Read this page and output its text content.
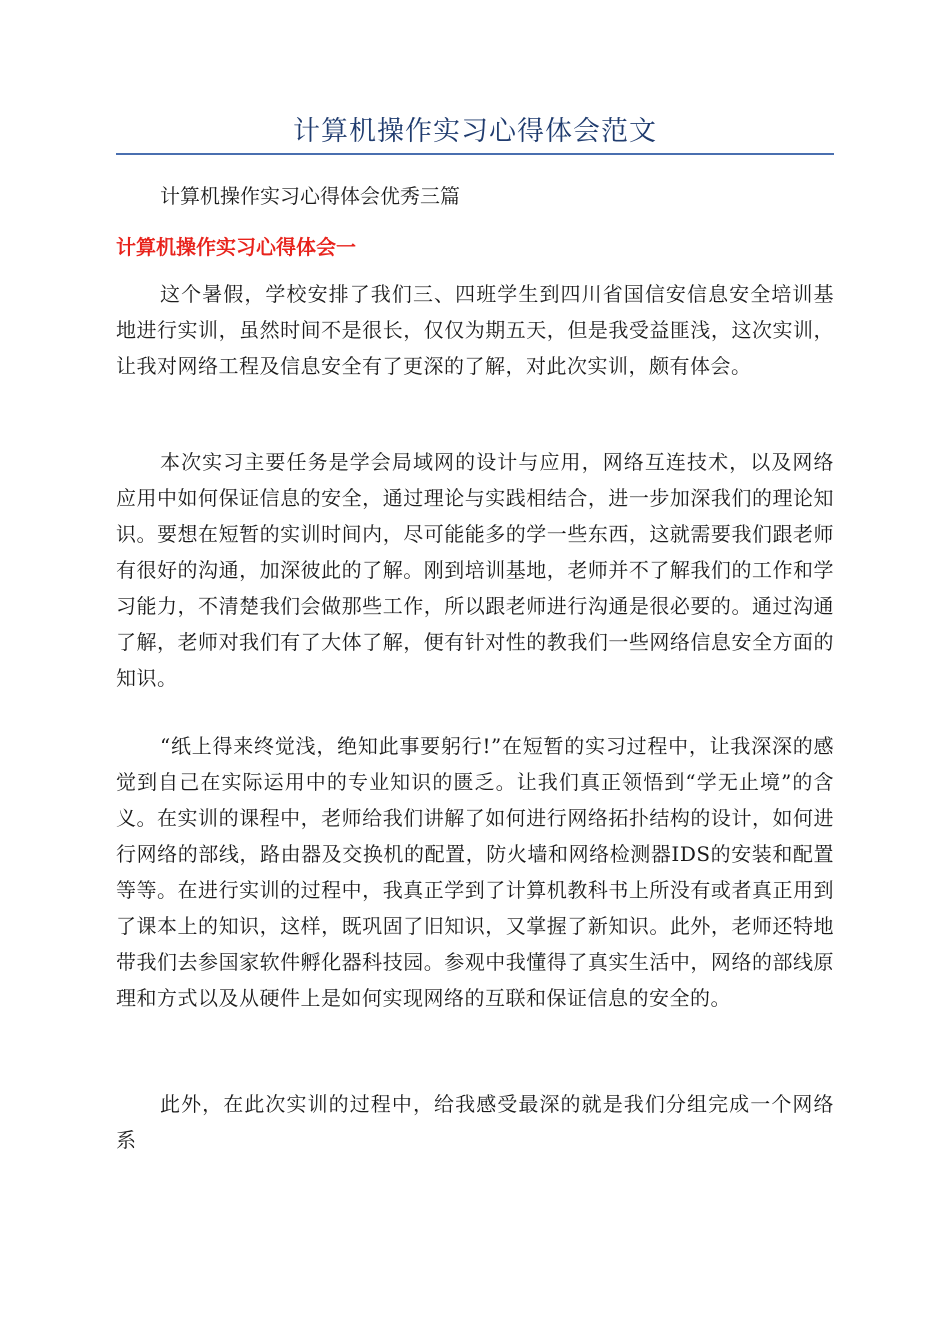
计算机操作实习心得体会范文

计算机操作实习心得体会优秀三篇

计算机操作实习心得体会一

这个暑假，学校安排了我们三、四班学生到四川省国信安信息安全培训基地进行实训，虽然时间不是很长，仅仅为期五天，但是我受益匪浅，这次实训，让我对网络工程及信息安全有了更深的了解，对此次实训，颇有体会。

本次实习主要任务是学会局域网的设计与应用，网络互连技术，以及网络应用中如何保证信息的安全，通过理论与实践相结合，进一步加深我们的理论知识。要想在短暂的实训时间内，尽可能能多的学一些东西，这就需要我们跟老师有很好的沟通，加深彼此的了解。刚到培训基地，老师并不了解我们的工作和学习能力，不清楚我们会做那些工作，所以跟老师进行沟通是很必要的。通过沟通了解，老师对我们有了大体了解，便有针对性的教我们一些网络信息安全方面的知识。

“纸上得来终觉浅，绝知此事要躬行!”在短暂的实习过程中，让我深深的感觉到自己在实际运用中的专业知识的匮乏。让我们真正领悟到“学无止境”的含义。在实训的课程中，老师给我们讲解了如何进行网络拓扑结构的设计，如何进行网络的部线，路由器及交换机的配置，防火墙和网络检测器IDS的安装和配置等等。在进行实训的过程中，我真正学到了计算机教科书上所没有或者真正用到了课本上的知识，这样，既巩固了旧知识，又掌握了新知识。此外，老师还特地带我们去参国家软件孵化器科技园。参观中我懂得了真实生活中，网络的部线原理和方式以及从硬件上是如何实现网络的互联和保证信息的安全的。

此外，在此次实训的过程中，给我感受最深的就是我们分组完成一个网络系
